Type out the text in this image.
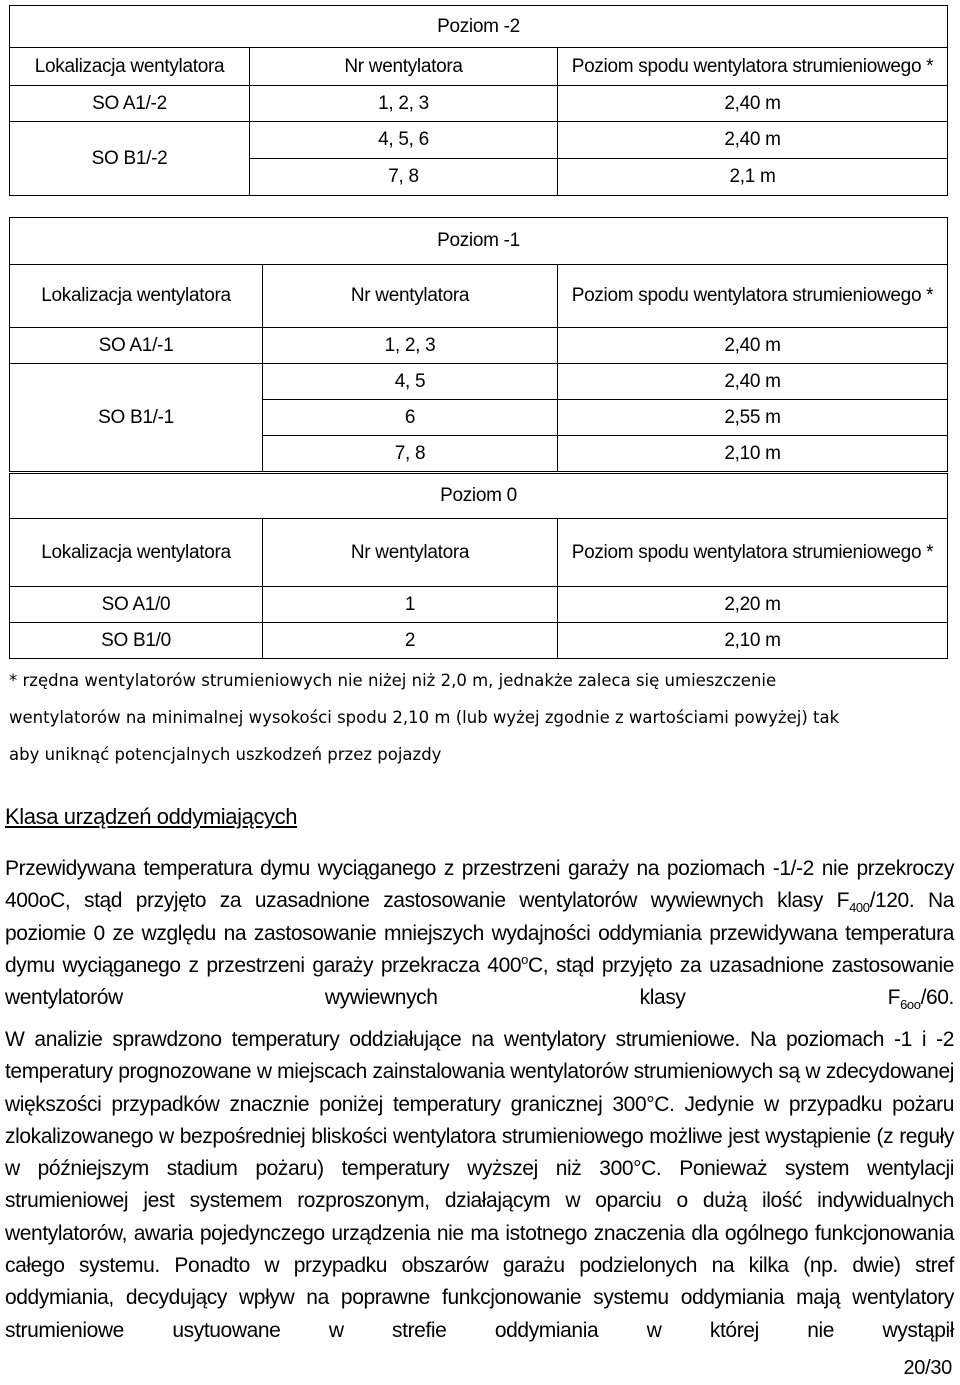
Poziom -2		
Lokalizacja wentylatora	Nr wentylatora	Poziom spodu wentylatora strumieniowego *
SO A1/-2	1, 2, 3	2,40 m
SO B1/-2	4, 5, 6	2,40 m
	7, 8	2,1 m
Poziom -1		
Lokalizacja wentylatora	Nr wentylatora	Poziom spodu wentylatora strumieniowego *
SO A1/-1	1, 2, 3	2,40 m
SO B1/-1	4, 5	2,40 m
	6	2,55 m
	7, 8	2,10 m
Poziom 0		
Lokalizacja wentylatora	Nr wentylatora	Poziom spodu wentylatora strumieniowego *
SO A1/0	1	2,20 m
SO B1/0	2	2,10 m
* rzędna wentylatorów strumieniowych nie niżej niż 2,0 m, jednakże zaleca się umieszczenie
wentylatorów na minimalnej wysokości spodu 2,10 m (lub wyżej zgodnie z wartościami powyżej) tak
aby uniknąć potencjalnych uszkodzeń przez pojazdy
Klasa urządzeń oddymiających

Przewidywana temperatura dymu wyciąganego z przestrzeni garaży na poziomach -1/-2 nie przekroczy 400oC, stąd przyjęto za uzasadnione zastosowanie wentylatorów wywiewnych klasy $F_{400}/120$. Na poziomie 0 ze względu na zastosowanie mniejszych wydajności oddymiania przewidywana temperatura dymu wyciąganego z przestrzeni garaży przekracza 400$^o$C, stąd przyjęto za uzasadnione zastosowanie wentylatorów wywiewnych klasy $F_{6oo}/60$.

W analizie sprawdzono temperatury oddziałujące na wentylatory strumieniowe. Na poziomach -1 i -2 temperatury prognozowane w miejscach zainstalowania wentylatorów strumieniowych są w zdecydowanej większości przypadków znacznie poniżej temperatury granicznej 300°C. Jedynie w przypadku pożaru zlokalizowanego w bezpośredniej bliskości wentylatora strumieniowego możliwe jest wystąpienie (z reguły w późniejszym stadium pożaru) temperatury wyższej niż 300°C. Ponieważ system wentylacji strumieniowej jest systemem rozproszonym, działającym w oparciu o dużą ilość indywidualnych wentylatorów, awaria pojedynczego urządzenia nie ma istotnego znaczenia dla ogólnego funkcjonowania całego systemu. Ponadto w przypadku obszarów garażu podzielonych na kilka (np. dwie) stref oddymiania, decydujący wpływ na poprawne funkcjonowanie systemu oddymiania mają wentylatory strumieniowe usytuowane w strefie oddymiania w której nie wystąpił

20/30
